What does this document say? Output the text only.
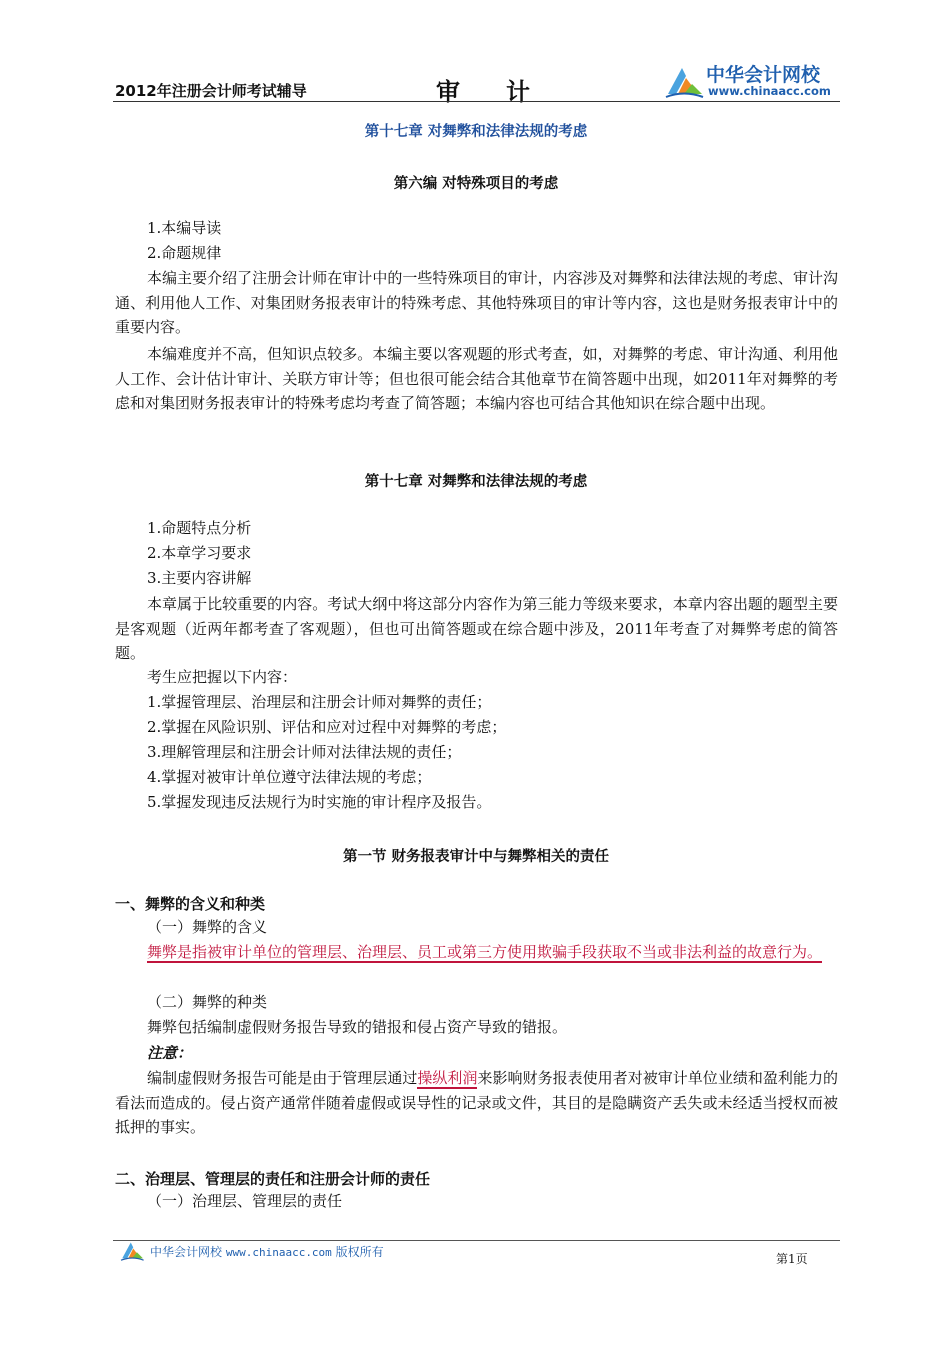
2012年注册会计师考试辅导	审计
中华会计网校
www.chinaacc.com
第十七章 对舞弊和法律法规的考虑
第六编 对特殊项目的考虑
1.本编导读
2.命题规律
本编主要介绍了注册会计师在审计中的一些特殊项目的审计，内容涉及对舞弊和法律法规的考虑、审计沟通、利用他人工作、对集团财务报表审计的特殊考虑、其他特殊项目的审计等内容，这也是财务报表审计中的重要内容。
本编难度并不高，但知识点较多。本编主要以客观题的形式考查，如，对舞弊的考虑、审计沟通、利用他人工作、会计估计审计、关联方审计等；但也很可能会结合其他章节在简答题中出现，如2011年对舞弊的考虑和对集团财务报表审计的特殊考虑均考查了简答题；本编内容也可结合其他知识在综合题中出现。
第十七章 对舞弊和法律法规的考虑
1.命题特点分析
2.本章学习要求
3.主要内容讲解
本章属于比较重要的内容。考试大纲中将这部分内容作为第三能力等级来要求，本章内容出题的题型主要是客观题（近两年都考查了客观题），但也可出简答题或在综合题中涉及，2011年考查了对舞弊考虑的简答题。
考生应把握以下内容：
1.掌握管理层、治理层和注册会计师对舞弊的责任；
2.掌握在风险识别、评估和应对过程中对舞弊的考虑；
3.理解管理层和注册会计师对法律法规的责任；
4.掌握对被审计单位遵守法律法规的考虑；
5.掌握发现违反法规行为时实施的审计程序及报告。
第一节 财务报表审计中与舞弊相关的责任
一、舞弊的含义和种类
（一）舞弊的含义
舞弊是指被审计单位的管理层、治理层、员工或第三方使用欺骗手段获取不当或非法利益的故意行为。
（二）舞弊的种类
舞弊包括编制虚假财务报告导致的错报和侵占资产导致的错报。
注意：
编制虚假财务报告可能是由于管理层通过操纵利润来影响财务报表使用者对被审计单位业绩和盈利能力的看法而造成的。侵占资产通常伴随着虚假或误导性的记录或文件，其目的是隐瞒资产丢失或未经适当授权而被抵押的事实。
二、治理层、管理层的责任和注册会计师的责任
（一）治理层、管理层的责任
中华会计网校 www.chinaacc.com 版权所有	第1页
